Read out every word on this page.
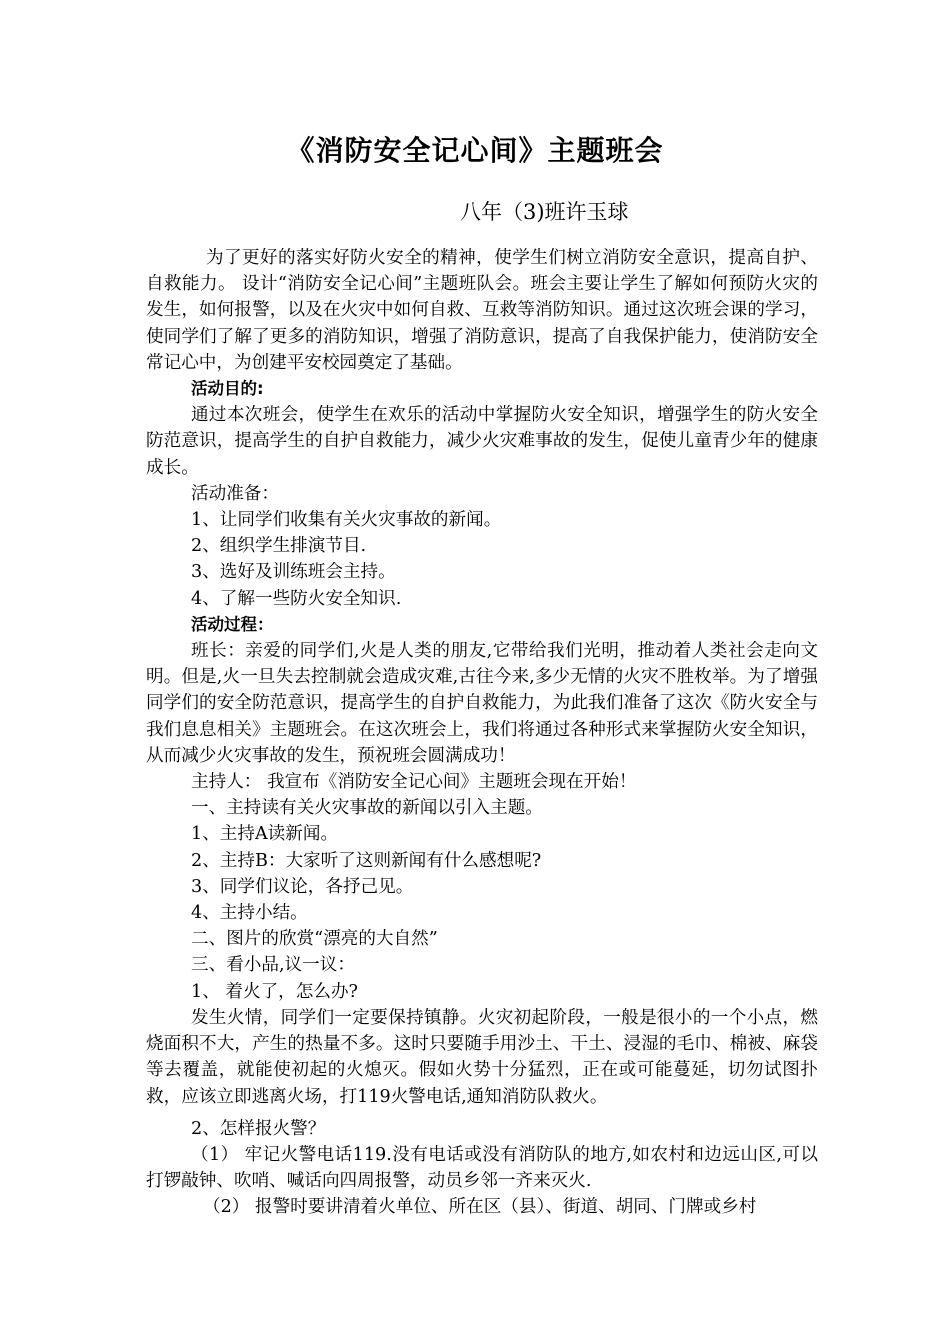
《消防安全记心间》主题班会
八年（3)班许玉球

为了更好的落实好防火安全的精神，使学生们树立消防安全意识，提高自护、自救能力。 设计“消防安全记心间”主题班队会。班会主要让学生了解如何预防火灾的发生，如何报警，以及在火灾中如何自救、互救等消防知识。通过这次班会课的学习，使同学们了解了更多的消防知识，增强了消防意识，提高了自我保护能力，使消防安全常记心中，为创建平安校园奠定了基础。

活动目的:

通过本次班会，使学生在欢乐的活动中掌握防火安全知识，增强学生的防火安全防范意识，提高学生的自护自救能力，减少火灾难事故的发生，促使儿童青少年的健康成长。

活动准备：

1、让同学们收集有关火灾事故的新闻。

2、组织学生排演节目.

3、选好及训练班会主持。

4、了解一些防火安全知识.

活动过程：

班长：亲爱的同学们,火是人类的朋友,它带给我们光明，推动着人类社会走向文明。但是,火一旦失去控制就会造成灾难,古往今来,多少无情的火灾不胜枚举。为了增强同学们的安全防范意识，提高学生的自护自救能力，为此我们准备了这次《防火安全与我们息息相关》主题班会。在这次班会上，我们将通过各种形式来掌握防火安全知识，从而减少火灾事故的发生，预祝班会圆满成功！

主持人： 我宣布《消防安全记心间》主题班会现在开始！

一、主持读有关火灾事故的新闻以引入主题。

1、主持A读新闻。

2、主持B：大家听了这则新闻有什么感想呢?

3、同学们议论，各抒己见。

4、主持小结。

二、图片的欣赏“漂亮的大自然”

三、看小品,议一议：

1、 着火了，怎么办?

发生火情，同学们一定要保持镇静。火灾初起阶段，一般是很小的一个小点，燃烧面积不大，产生的热量不多。这时只要随手用沙土、干土、浸湿的毛巾、棉被、麻袋等去覆盖，就能使初起的火熄灭。假如火势十分猛烈，正在或可能蔓延，切勿试图扑救，应该立即逃离火场，打119火警电话,通知消防队救火。

2、怎样报火警？

（1） 牢记火警电话119.没有电话或没有消防队的地方,如农村和边远山区,可以打锣敲钟、吹哨、喊话向四周报警，动员乡邻一齐来灭火.

（2） 报警时要讲清着火单位、所在区（县）、街道、胡同、门牌或乡村
